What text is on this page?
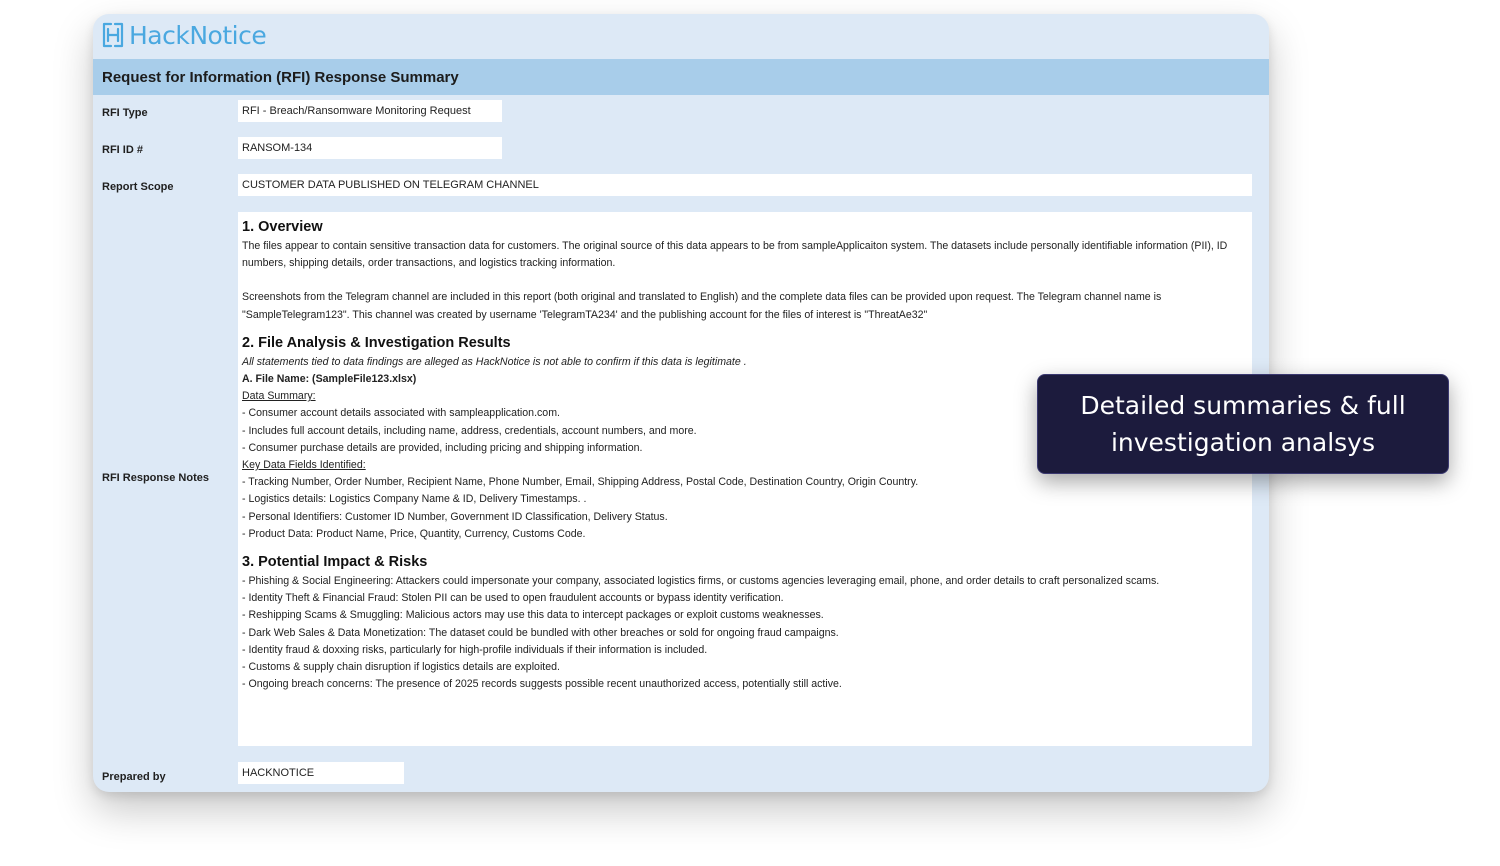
HackNotice
Request for Information (RFI) Response Summary
RFI Type	RFI - Breach/Ransomware Monitoring Request
RFI ID #	RANSOM-134
Report Scope	CUSTOMER DATA PUBLISHED ON TELEGRAM CHANNEL
RFI Response Notes
1. Overview

The files appear to contain sensitive transaction data for customers. The original source of this data appears to be from sampleApplicaiton system. The datasets include personally identifiable information (PII), ID numbers, shipping details, order transactions, and logistics tracking information.

Screenshots from the Telegram channel are included in this report (both original and translated to English) and the complete data files can be provided upon request. The Telegram channel name is "SampleTelegram123". This channel was created by username 'TelegramTA234' and the publishing account for the files of interest is "ThreatAe32"

2. File Analysis & Investigation Results

All statements tied to data findings are alleged as HackNotice is not able to confirm if this data is legitimate .

A. File Name: (SampleFile123.xlsx)

Data Summary:

- Consumer account details associated with sampleapplication.com.

- Includes full account details, including name, address, credentials, account numbers, and more.

- Consumer purchase details are provided, including pricing and shipping information.

Key Data Fields Identified:

- Tracking Number, Order Number, Recipient Name, Phone Number, Email, Shipping Address, Postal Code, Destination Country, Origin Country.

- Logistics details: Logistics Company Name & ID, Delivery Timestamps. .

- Personal Identifiers: Customer ID Number, Government ID Classification, Delivery Status.

- Product Data: Product Name, Price, Quantity, Currency, Customs Code.

3. Potential Impact & Risks

- Phishing & Social Engineering: Attackers could impersonate your company, associated logistics firms, or customs agencies leveraging email, phone, and order details to craft personalized scams.

- Identity Theft & Financial Fraud: Stolen PII can be used to open fraudulent accounts or bypass identity verification.

- Reshipping Scams & Smuggling: Malicious actors may use this data to intercept packages or exploit customs weaknesses.

- Dark Web Sales & Data Monetization: The dataset could be bundled with other breaches or sold for ongoing fraud campaigns.

- Identity fraud & doxxing risks, particularly for high-profile individuals if their information is included.

- Customs & supply chain disruption if logistics details are exploited.

- Ongoing breach concerns: The presence of 2025 records suggests possible recent unauthorized access, potentially still active.

Prepared by	HACKNOTICE
Detailed summaries & full investigation analsys
